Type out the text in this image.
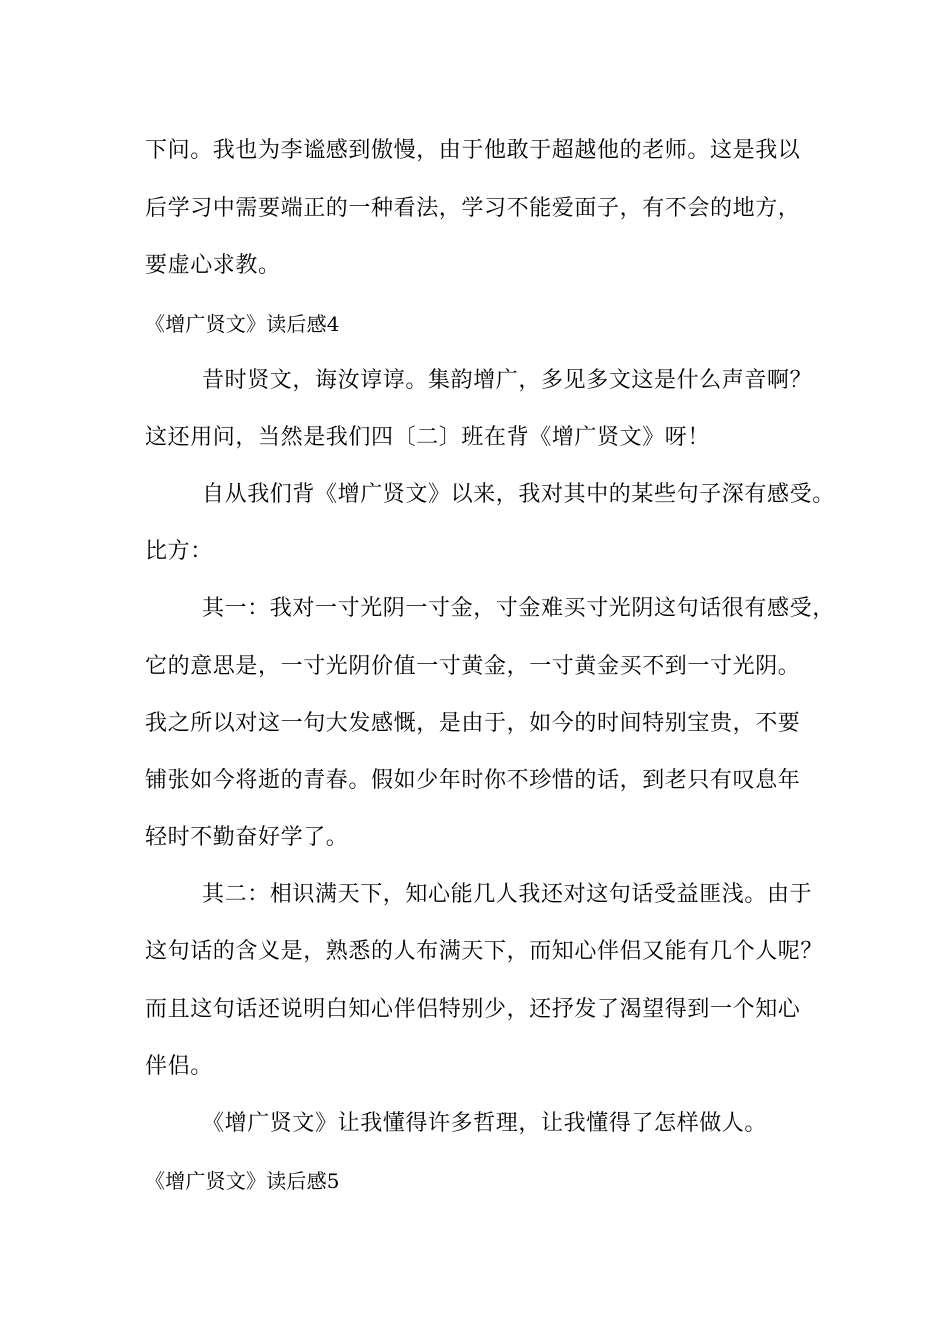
下问。我也为李谧感到傲慢，由于他敢于超越他的老师。这是我以
后学习中需要端正的一种看法，学习不能爱面子，有不会的地方，
要虚心求教。
《增广贤文》读后感4
昔时贤文，诲汝谆谆。集韵增广，多见多文这是什么声音啊？
这还用问，当然是我们四〔二〕班在背《增广贤文》呀！
自从我们背《增广贤文》以来，我对其中的某些句子深有感受。
比方：
其一：我对一寸光阴一寸金，寸金难买寸光阴这句话很有感受，
它的意思是，一寸光阴价值一寸黄金，一寸黄金买不到一寸光阴。
我之所以对这一句大发感慨，是由于，如今的时间特别宝贵，不要
铺张如今将逝的青春。假如少年时你不珍惜的话，到老只有叹息年
轻时不勤奋好学了。
其二：相识满天下，知心能几人我还对这句话受益匪浅。由于
这句话的含义是，熟悉的人布满天下，而知心伴侣又能有几个人呢？
而且这句话还说明白知心伴侣特别少，还抒发了渴望得到一个知心
伴侣。
《增广贤文》让我懂得许多哲理，让我懂得了怎样做人。
《增广贤文》读后感5
